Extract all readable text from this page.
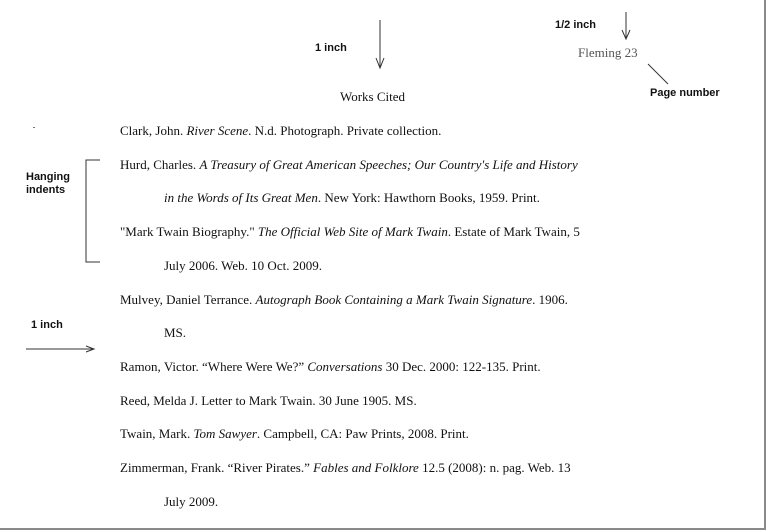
1 inch
1/2 inch
Page number
Hanging
indents
1 inch
Fleming 23
Works Cited
Clark, John. River Scene. N.d. Photograph. Private collection.
Hurd, Charles. A Treasury of Great American Speeches; Our Country's Life and History
in the Words of Its Great Men. New York: Hawthorn Books, 1959. Print.
"Mark Twain Biography." The Official Web Site of Mark Twain. Estate of Mark Twain, 5
July 2006. Web. 10 Oct. 2009.
Mulvey, Daniel Terrance. Autograph Book Containing a Mark Twain Signature. 1906.
MS.
Ramon, Victor. “Where Were We?” Conversations 30 Dec. 2000: 122-135. Print.
Reed, Melda J. Letter to Mark Twain. 30 June 1905. MS.
Twain, Mark. Tom Sawyer. Campbell, CA: Paw Prints, 2008. Print.
Zimmerman, Frank. “River Pirates.” Fables and Folklore 12.5 (2008): n. pag. Web. 13
July 2009.
